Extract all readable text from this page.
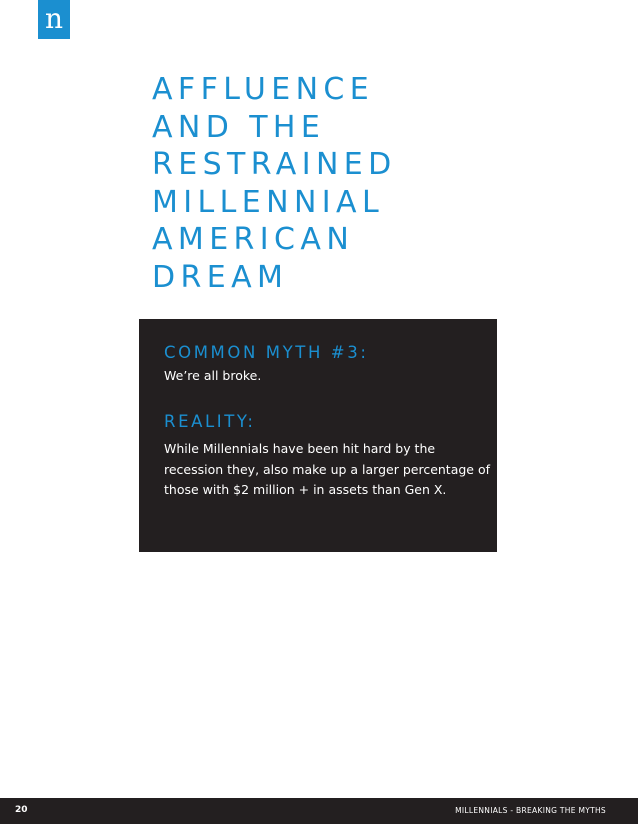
n
AFFLUENCE
AND THE
RESTRAINED
MILLENNIAL
AMERICAN
DREAM
COMMON MYTH #3:

We’re all broke.

REALITY:

While Millennials have been hit hard by the recession they, also make up a larger percentage of those with $2 million + in assets than Gen X.

20	MILLENNIALS - BREAKING THE MYTHS
